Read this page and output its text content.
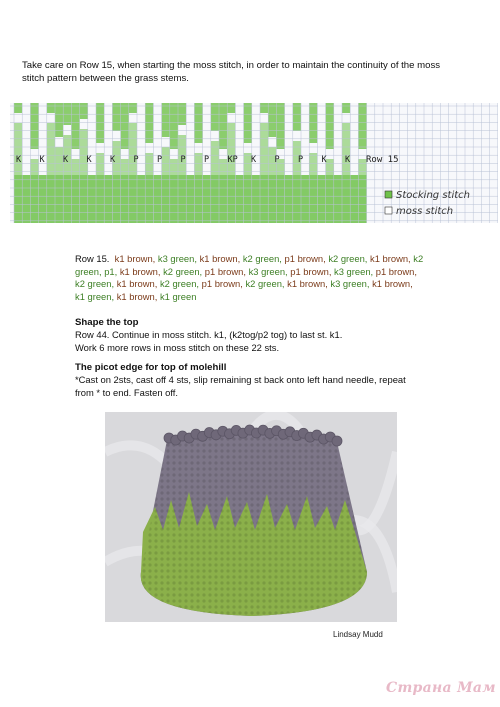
Take care on Row 15, when starting the moss stitch, in order to maintain the continuity of the moss stitch pattern between the grass stems.

K K K K K P P P P KP K P P K K Row 15
Stocking stitch
moss stitch

Row 15. k1 brown, k3 green, k1 brown, k2 green, p1 brown, k2 green, k1 brown, k2 green, p1, k1 brown, k2 green, p1 brown, k3 green, p1 brown, k3 green, p1 brown, k2 green, k1 brown, k2 green, p1 brown, k2 green, k1 brown, k3 green, k1 brown, k1 green, k1 brown, k1 green

Shape the top

Row 44. Continue in moss stitch. k1, (k2tog/p2 tog) to last st. k1.

Work 6 more rows in moss stitch on these 22 sts.

The picot edge for top of molehill

*Cast on 2sts, cast off 4 sts, slip remaining st back onto left hand needle, repeat from * to end. Fasten off.

Lindsay Mudd
Страна Мам
